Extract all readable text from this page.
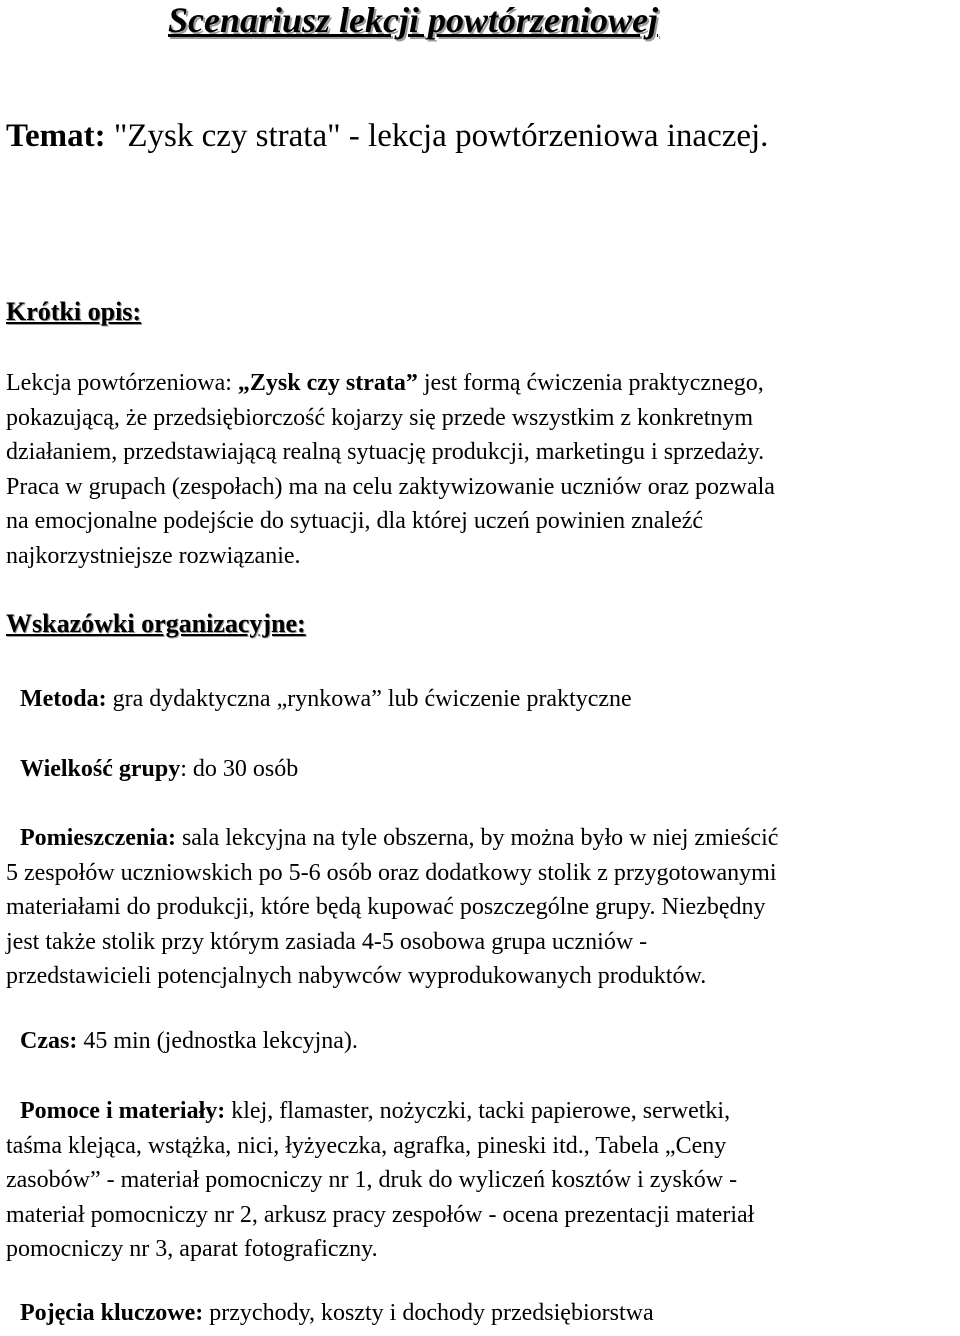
Scenariusz lekcji powtórzeniowej

Temat: "Zysk czy strata" - lekcja powtórzeniowa inaczej.

Krótki opis:

Lekcja powtórzeniowa: „Zysk czy strata” jest formą ćwiczenia praktycznego,
pokazującą, że przedsiębiorczość kojarzy się przede wszystkim z konkretnym
działaniem, przedstawiającą realną sytuację produkcji, marketingu i sprzedaży.
Praca w grupach (zespołach) ma na celu zaktywizowanie uczniów oraz pozwala
na emocjonalne podejście do sytuacji, dla której uczeń powinien znaleźć
najkorzystniejsze rozwiązanie.

Wskazówki organizacyjne:

Metoda: gra dydaktyczna „rynkowa” lub ćwiczenie praktyczne

Wielkość grupy: do 30 osób

Pomieszczenia: sala lekcyjna na tyle obszerna, by można było w niej zmieścić
5 zespołów uczniowskich po 5-6 osób oraz dodatkowy stolik z przygotowanymi
materiałami do produkcji, które będą kupować poszczególne grupy. Niezbędny
jest także stolik przy którym zasiada 4-5 osobowa grupa uczniów -
przedstawicieli potencjalnych nabywców wyprodukowanych produktów.

Czas: 45 min (jednostka lekcyjna).

Pomoce i materiały: klej, flamaster, nożyczki, tacki papierowe, serwetki,
taśma klejąca, wstążka, nici, łyżyeczka, agrafka, pineski itd., Tabela „Ceny
zasobów” - materiał pomocniczy nr 1, druk do wyliczeń kosztów i zysków -
materiał pomocniczy nr 2, arkusz pracy zespołów - ocena prezentacji materiał
pomocniczy nr 3, aparat fotograficzny.

Pojęcia kluczowe: przychody, koszty i dochody przedsiębiorstwa
